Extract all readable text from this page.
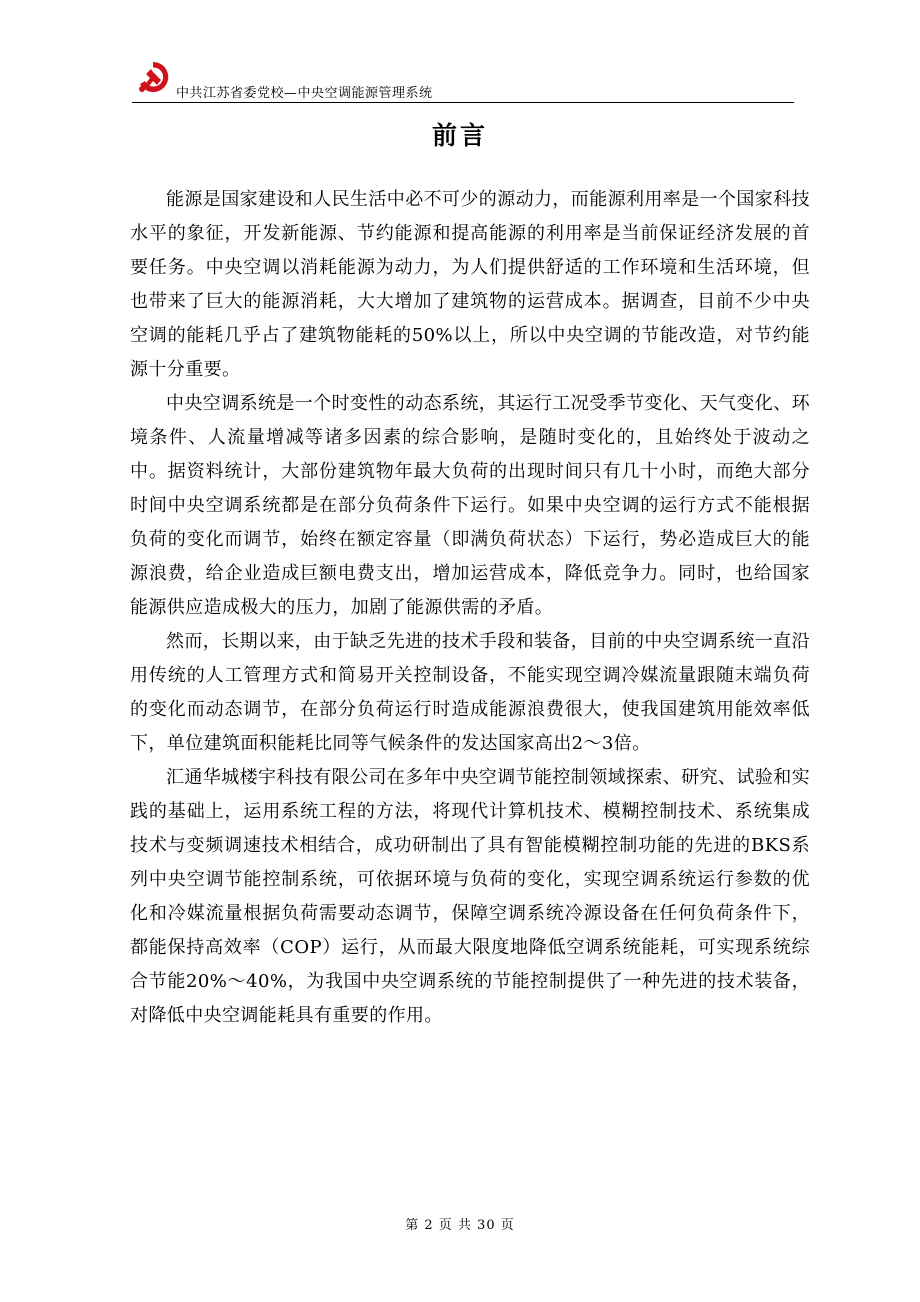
中共江苏省委党校—中央空调能源管理系统
前言

能源是国家建设和人民生活中必不可少的源动力，而能源利用率是一个国家科技水平的象征，开发新能源、节约能源和提高能源的利用率是当前保证经济发展的首要任务。中央空调以消耗能源为动力，为人们提供舒适的工作环境和生活环境，但也带来了巨大的能源消耗，大大增加了建筑物的运营成本。据调查，目前不少中央空调的能耗几乎占了建筑物能耗的50%以上，所以中央空调的节能改造，对节约能源十分重要。

中央空调系统是一个时变性的动态系统，其运行工况受季节变化、天气变化、环境条件、人流量增减等诸多因素的综合影响，是随时变化的，且始终处于波动之中。据资料统计，大部份建筑物年最大负荷的出现时间只有几十小时，而绝大部分时间中央空调系统都是在部分负荷条件下运行。如果中央空调的运行方式不能根据负荷的变化而调节，始终在额定容量（即满负荷状态）下运行，势必造成巨大的能源浪费，给企业造成巨额电费支出，增加运营成本，降低竞争力。同时，也给国家能源供应造成极大的压力，加剧了能源供需的矛盾。

然而，长期以来，由于缺乏先进的技术手段和装备，目前的中央空调系统一直沿用传统的人工管理方式和简易开关控制设备，不能实现空调冷媒流量跟随末端负荷的变化而动态调节，在部分负荷运行时造成能源浪费很大，使我国建筑用能效率低下，单位建筑面积能耗比同等气候条件的发达国家高出2～3倍。

汇通华城楼宇科技有限公司在多年中央空调节能控制领域探索、研究、试验和实践的基础上，运用系统工程的方法，将现代计算机技术、模糊控制技术、系统集成技术与变频调速技术相结合，成功研制出了具有智能模糊控制功能的先进的BKS系列中央空调节能控制系统，可依据环境与负荷的变化，实现空调系统运行参数的优化和冷媒流量根据负荷需要动态调节，保障空调系统冷源设备在任何负荷条件下，都能保持高效率（COP）运行，从而最大限度地降低空调系统能耗，可实现系统综合节能20%～40%，为我国中央空调系统的节能控制提供了一种先进的技术装备，对降低中央空调能耗具有重要的作用。

第 2 页 共 30 页
